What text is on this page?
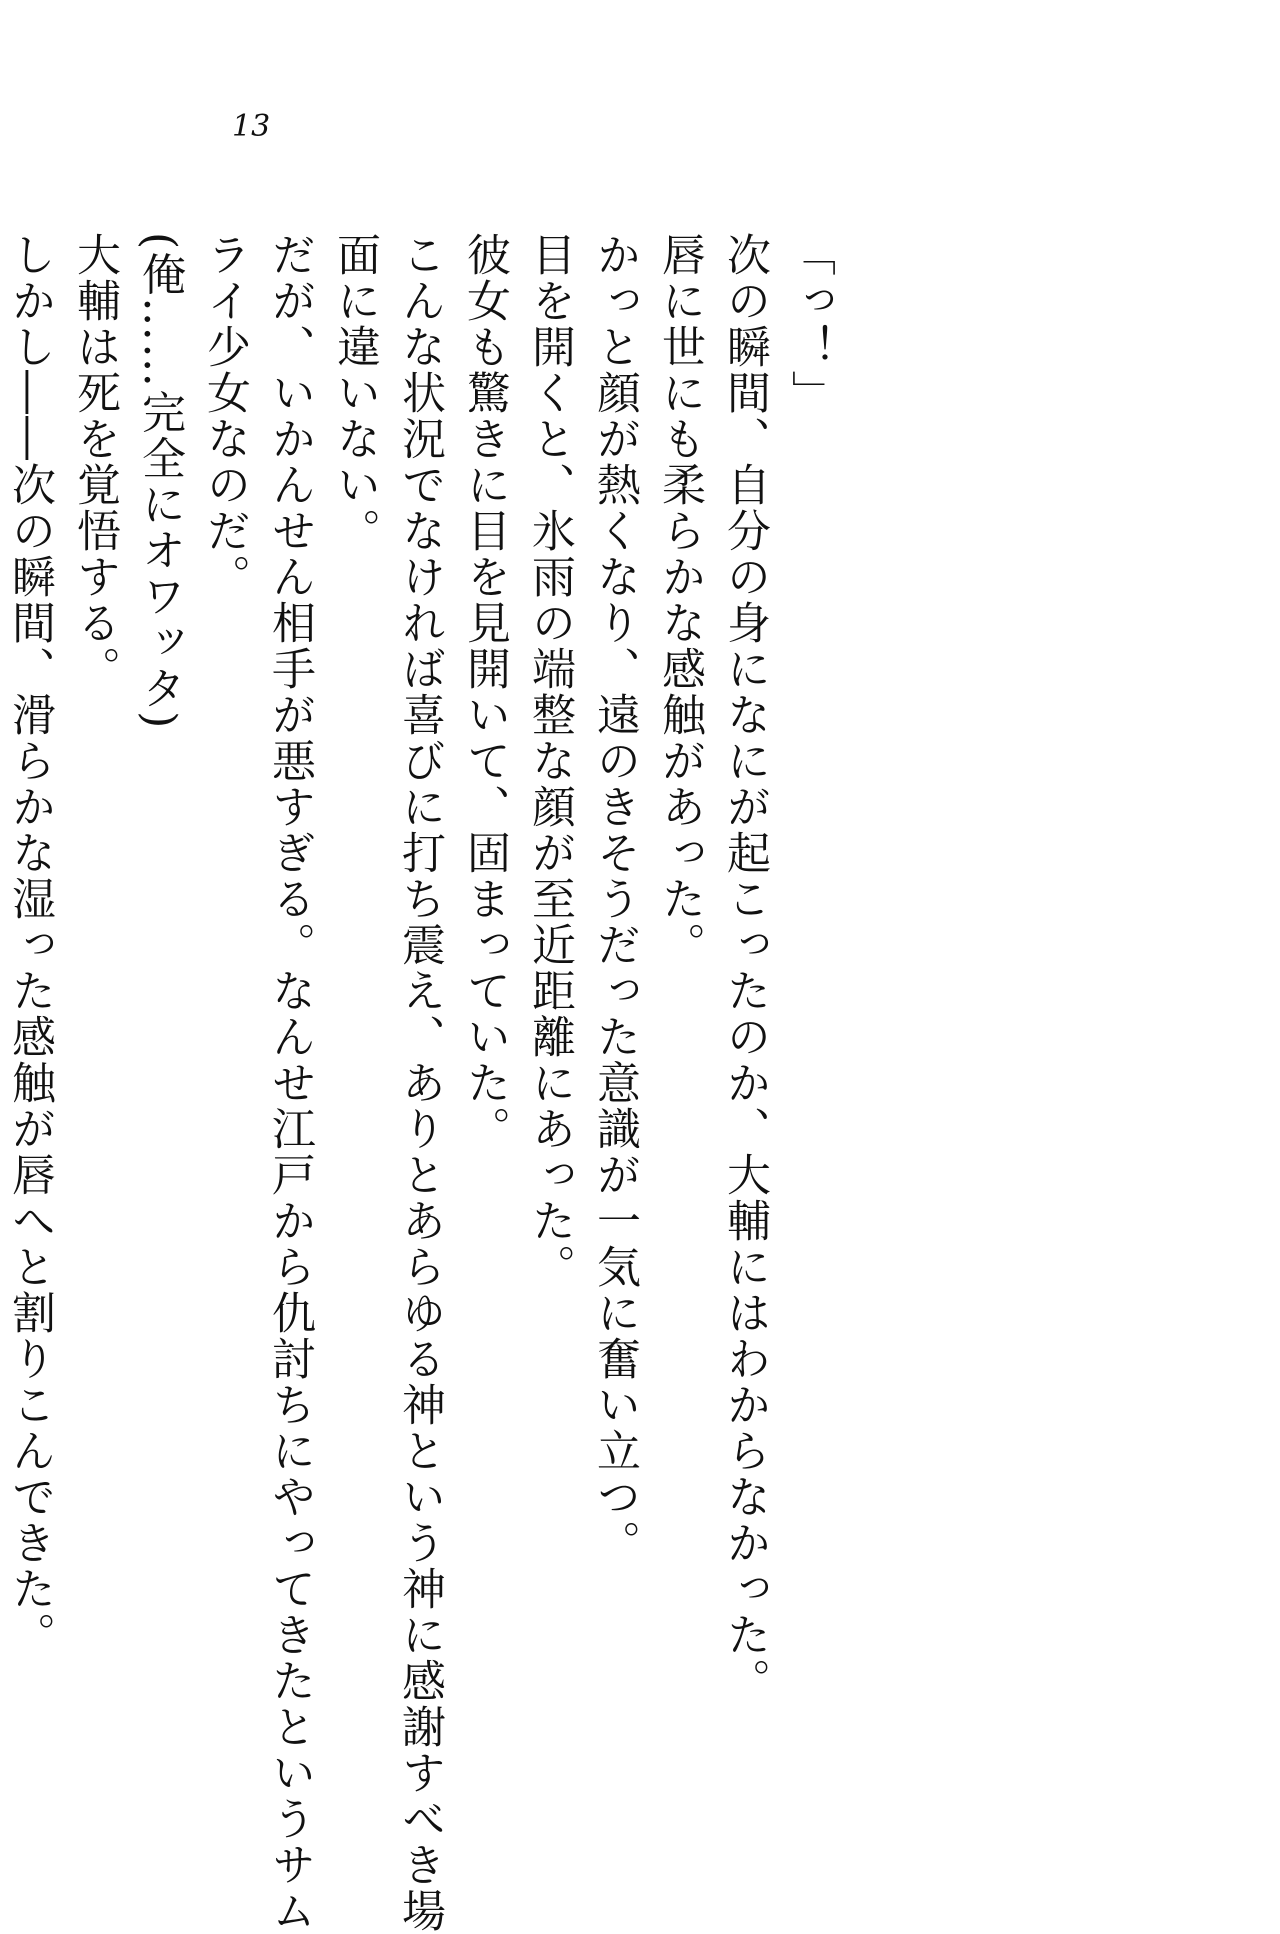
13
「っ！」
次の瞬間、自分の身になにが起こったのか、大輔にはわからなかった。
唇に世にも柔らかな感触があった。
かっと顔が熱くなり、遠のきそうだった意識が一気に奮い立つ。
目を開くと、氷雨の端整な顔が至近距離にあった。
彼女も驚きに目を見開いて、固まっていた。
こんな状況でなければ喜びに打ち震え、ありとあらゆる神という神に感謝すべき場
面に違いない。
だが、いかんせん相手が悪すぎる。なんせ江戸から仇討ちにやってきたというサム
ライ少女なのだ。
(俺……完全にオワッタ)
大輔は死を覚悟する。
しかし――次の瞬間、滑らかな湿った感触が唇へと割りこんできた。
